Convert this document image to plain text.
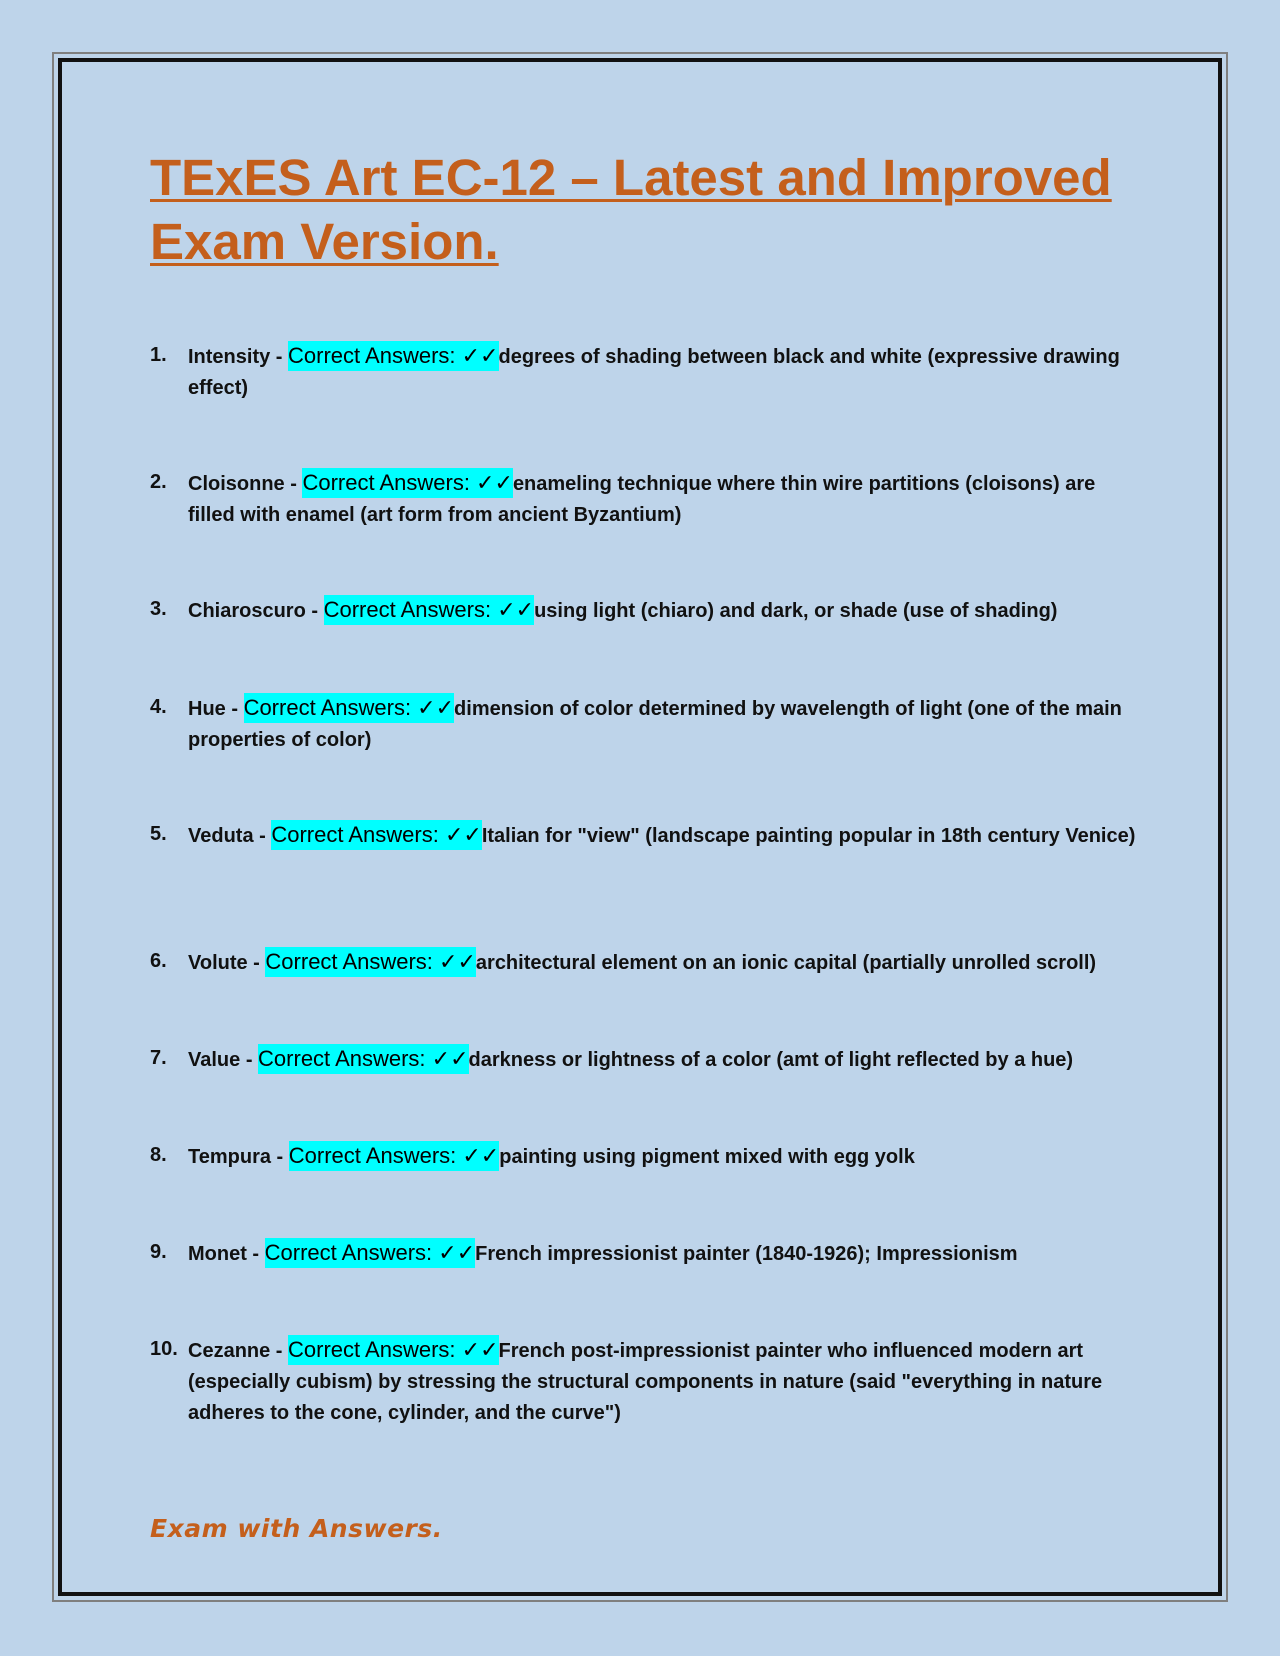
TExES Art EC-12 – Latest and Improved Exam Version.
1.	Intensity - Correct Answers: ✓✓degrees of shading between black and white (expressive drawing effect)
2.	Cloisonne - Correct Answers: ✓✓enameling technique where thin wire partitions (cloisons) are filled with enamel (art form from ancient Byzantium)
3.	Chiaroscuro - Correct Answers: ✓✓using light (chiaro) and dark, or shade (use of shading)
4.	Hue - Correct Answers: ✓✓dimension of color determined by wavelength of light (one of the main properties of color)
5.	Veduta - Correct Answers: ✓✓Italian for "view" (landscape painting popular in 18th century Venice)
6.	Volute - Correct Answers: ✓✓architectural element on an ionic capital (partially unrolled scroll)
7.	Value - Correct Answers: ✓✓darkness or lightness of a color (amt of light reflected by a hue)
8.	Tempura - Correct Answers: ✓✓painting using pigment mixed with egg yolk
9.	Monet - Correct Answers: ✓✓French impressionist painter (1840-1926); Impressionism
10. Cezanne - Correct Answers: ✓✓French post-impressionist painter who influenced modern art (especially cubism) by stressing the structural components in nature (said "everything in nature adheres to the cone, cylinder, and the curve")

Exam with Answers.
